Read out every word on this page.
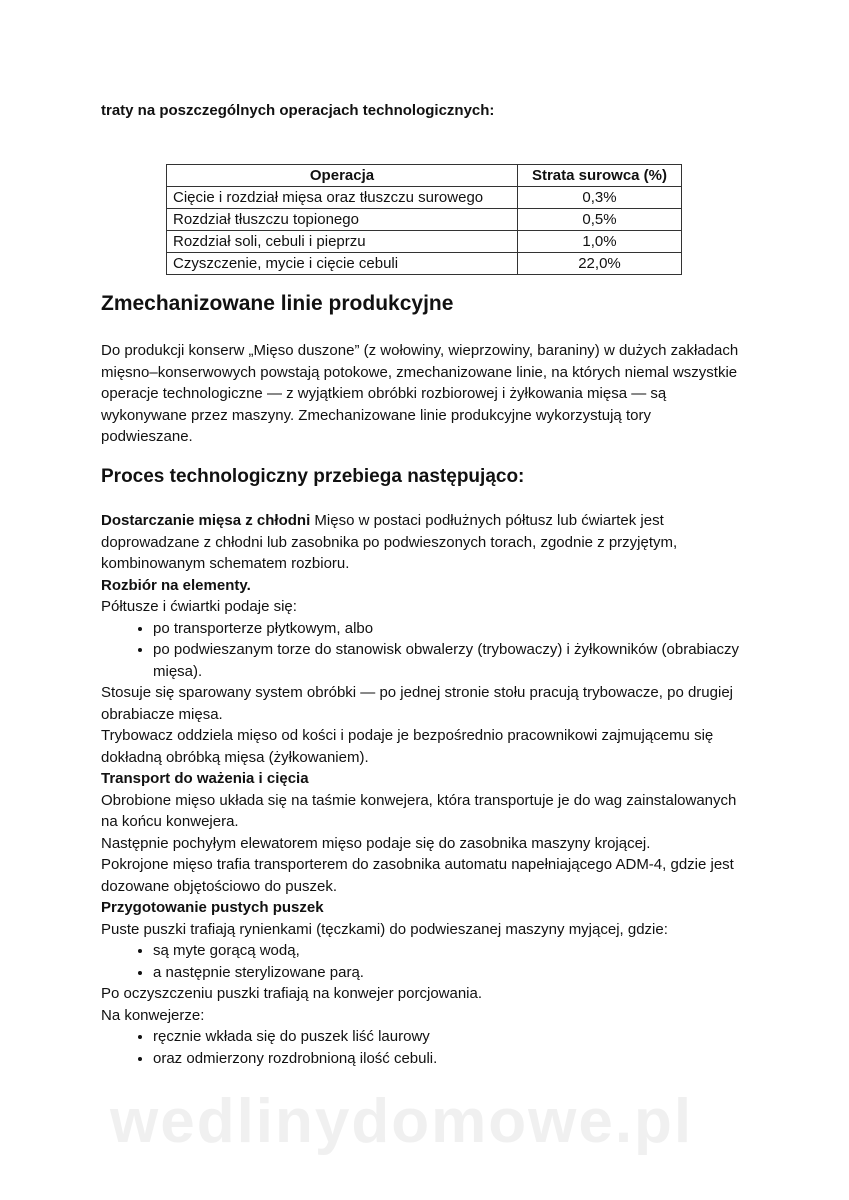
traty na poszczególnych operacjach technologicznych:

Operacja	Strata surowca (%)
Cięcie i rozdział mięsa oraz tłuszczu surowego	0,3%
Rozdział tłuszczu topionego	0,5%
Rozdział soli, cebuli i pieprzu	1,0%
Czyszczenie, mycie i cięcie cebuli	22,0%
Zmechanizowane linie produkcyjne

Do produkcji konserw „Mięso duszone” (z wołowiny, wieprzowiny, baraniny) w dużych zakładach mięsno–konserwowych powstają potokowe, zmechanizowane linie, na których niemal wszystkie operacje technologiczne — z wyjątkiem obróbki rozbiorowej i żyłkowania mięsa — są wykonywane przez maszyny. Zmechanizowane linie produkcyjne wykorzystują tory podwieszane.

Proces technologiczny przebiega następująco:

Dostarczanie mięsa z chłodni Mięso w postaci podłużnych półtusz lub ćwiartek jest doprowadzane z chłodni lub zasobnika po podwieszonych torach, zgodnie z przyjętym, kombinowanym schematem rozbioru.

Rozbiór na elementy.

Półtusze i ćwiartki podaje się:

• po transporterze płytkowym, albo
• po podwieszanym torze do stanowisk obwalerzy (trybowaczy) i żyłkowników (obrabiaczy mięsa).

Stosuje się sparowany system obróbki — po jednej stronie stołu pracują trybowacze, po drugiej obrabiacze mięsa.

Trybowacz oddziela mięso od kości i podaje je bezpośrednio pracownikowi zajmującemu się dokładną obróbką mięsa (żyłkowaniem).

Transport do ważenia i cięcia

Obrobione mięso układa się na taśmie konwejera, która transportuje je do wag zainstalowanych na końcu konwejera.

Następnie pochyłym elewatorem mięso podaje się do zasobnika maszyny krojącej.

Pokrojone mięso trafia transporterem do zasobnika automatu napełniającego ADM-4, gdzie jest dozowane objętościowo do puszek.

Przygotowanie pustych puszek

Puste puszki trafiają rynienkami (tęczkami) do podwieszanej maszyny myjącej, gdzie:

• są myte gorącą wodą,
• a następnie sterylizowane parą.

Po oczyszczeniu puszki trafiają na konwejer porcjowania.

Na konwejerze:

• ręcznie wkłada się do puszek liść laurowy
• oraz odmierzony rozdrobnioną ilość cebuli.
wedlinydomowe.pl
